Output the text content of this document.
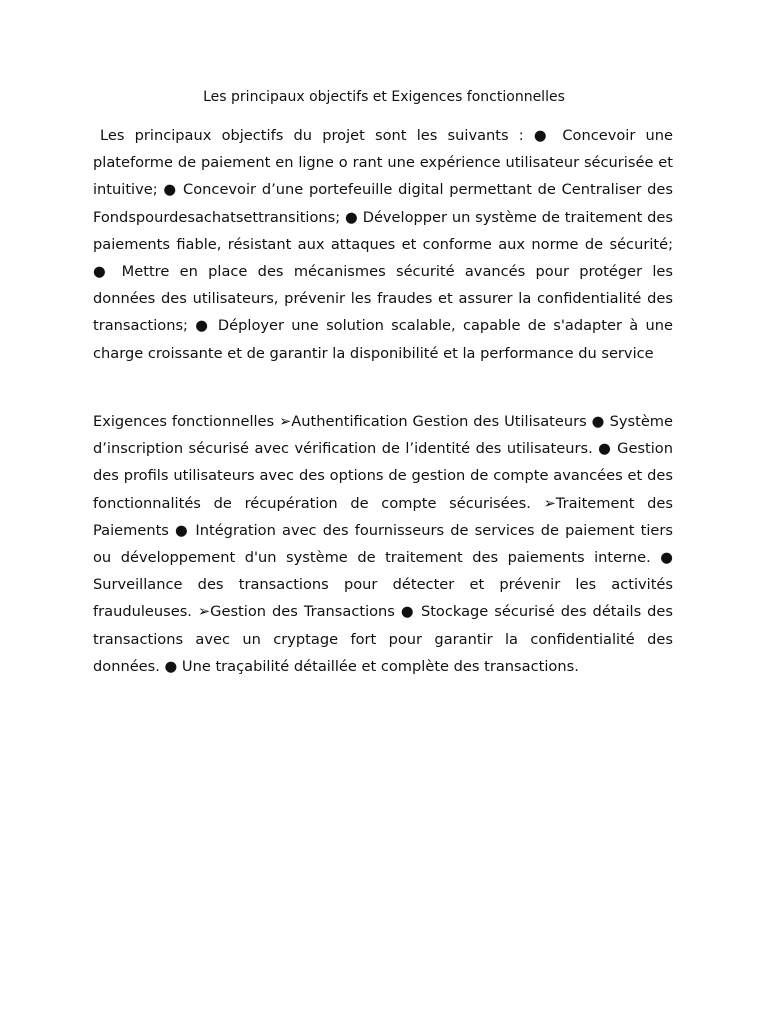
Les principaux objectifs et Exigences fonctionnelles
Les principaux objectifs du projet sont les suivants : ● Concevoir une plateforme de paiement en ligne o rant une expérience utilisateur sécurisée et intuitive; ● Concevoir d’une portefeuille digital permettant de Centraliser des Fondspourdesachatsettransitions; ● Développer un système de traitement des paiements fiable, résistant aux attaques et conforme aux norme de sécurité; ● Mettre en place des mécanismes sécurité avancés pour protéger les données des utilisateurs, prévenir les fraudes et assurer la confidentialité des transactions; ● Déployer une solution scalable, capable de s'adapter à une charge croissante et de garantir la disponibilité et la performance du service
Exigences fonctionnelles ➢Authentification Gestion des Utilisateurs ● Système d’inscription sécurisé avec vérification de l’identité des utilisateurs. ● Gestion des profils utilisateurs avec des options de gestion de compte avancées et des fonctionnalités de récupération de compte sécurisées. ➢Traitement des Paiements ● Intégration avec des fournisseurs de services de paiement tiers ou développement d'un système de traitement des paiements interne. ● Surveillance des transactions pour détecter et prévenir les activités frauduleuses. ➢Gestion des Transactions ● Stockage sécurisé des détails des transactions avec un cryptage fort pour garantir la confidentialité des données. ● Une traçabilité détaillée et complète des transactions.
